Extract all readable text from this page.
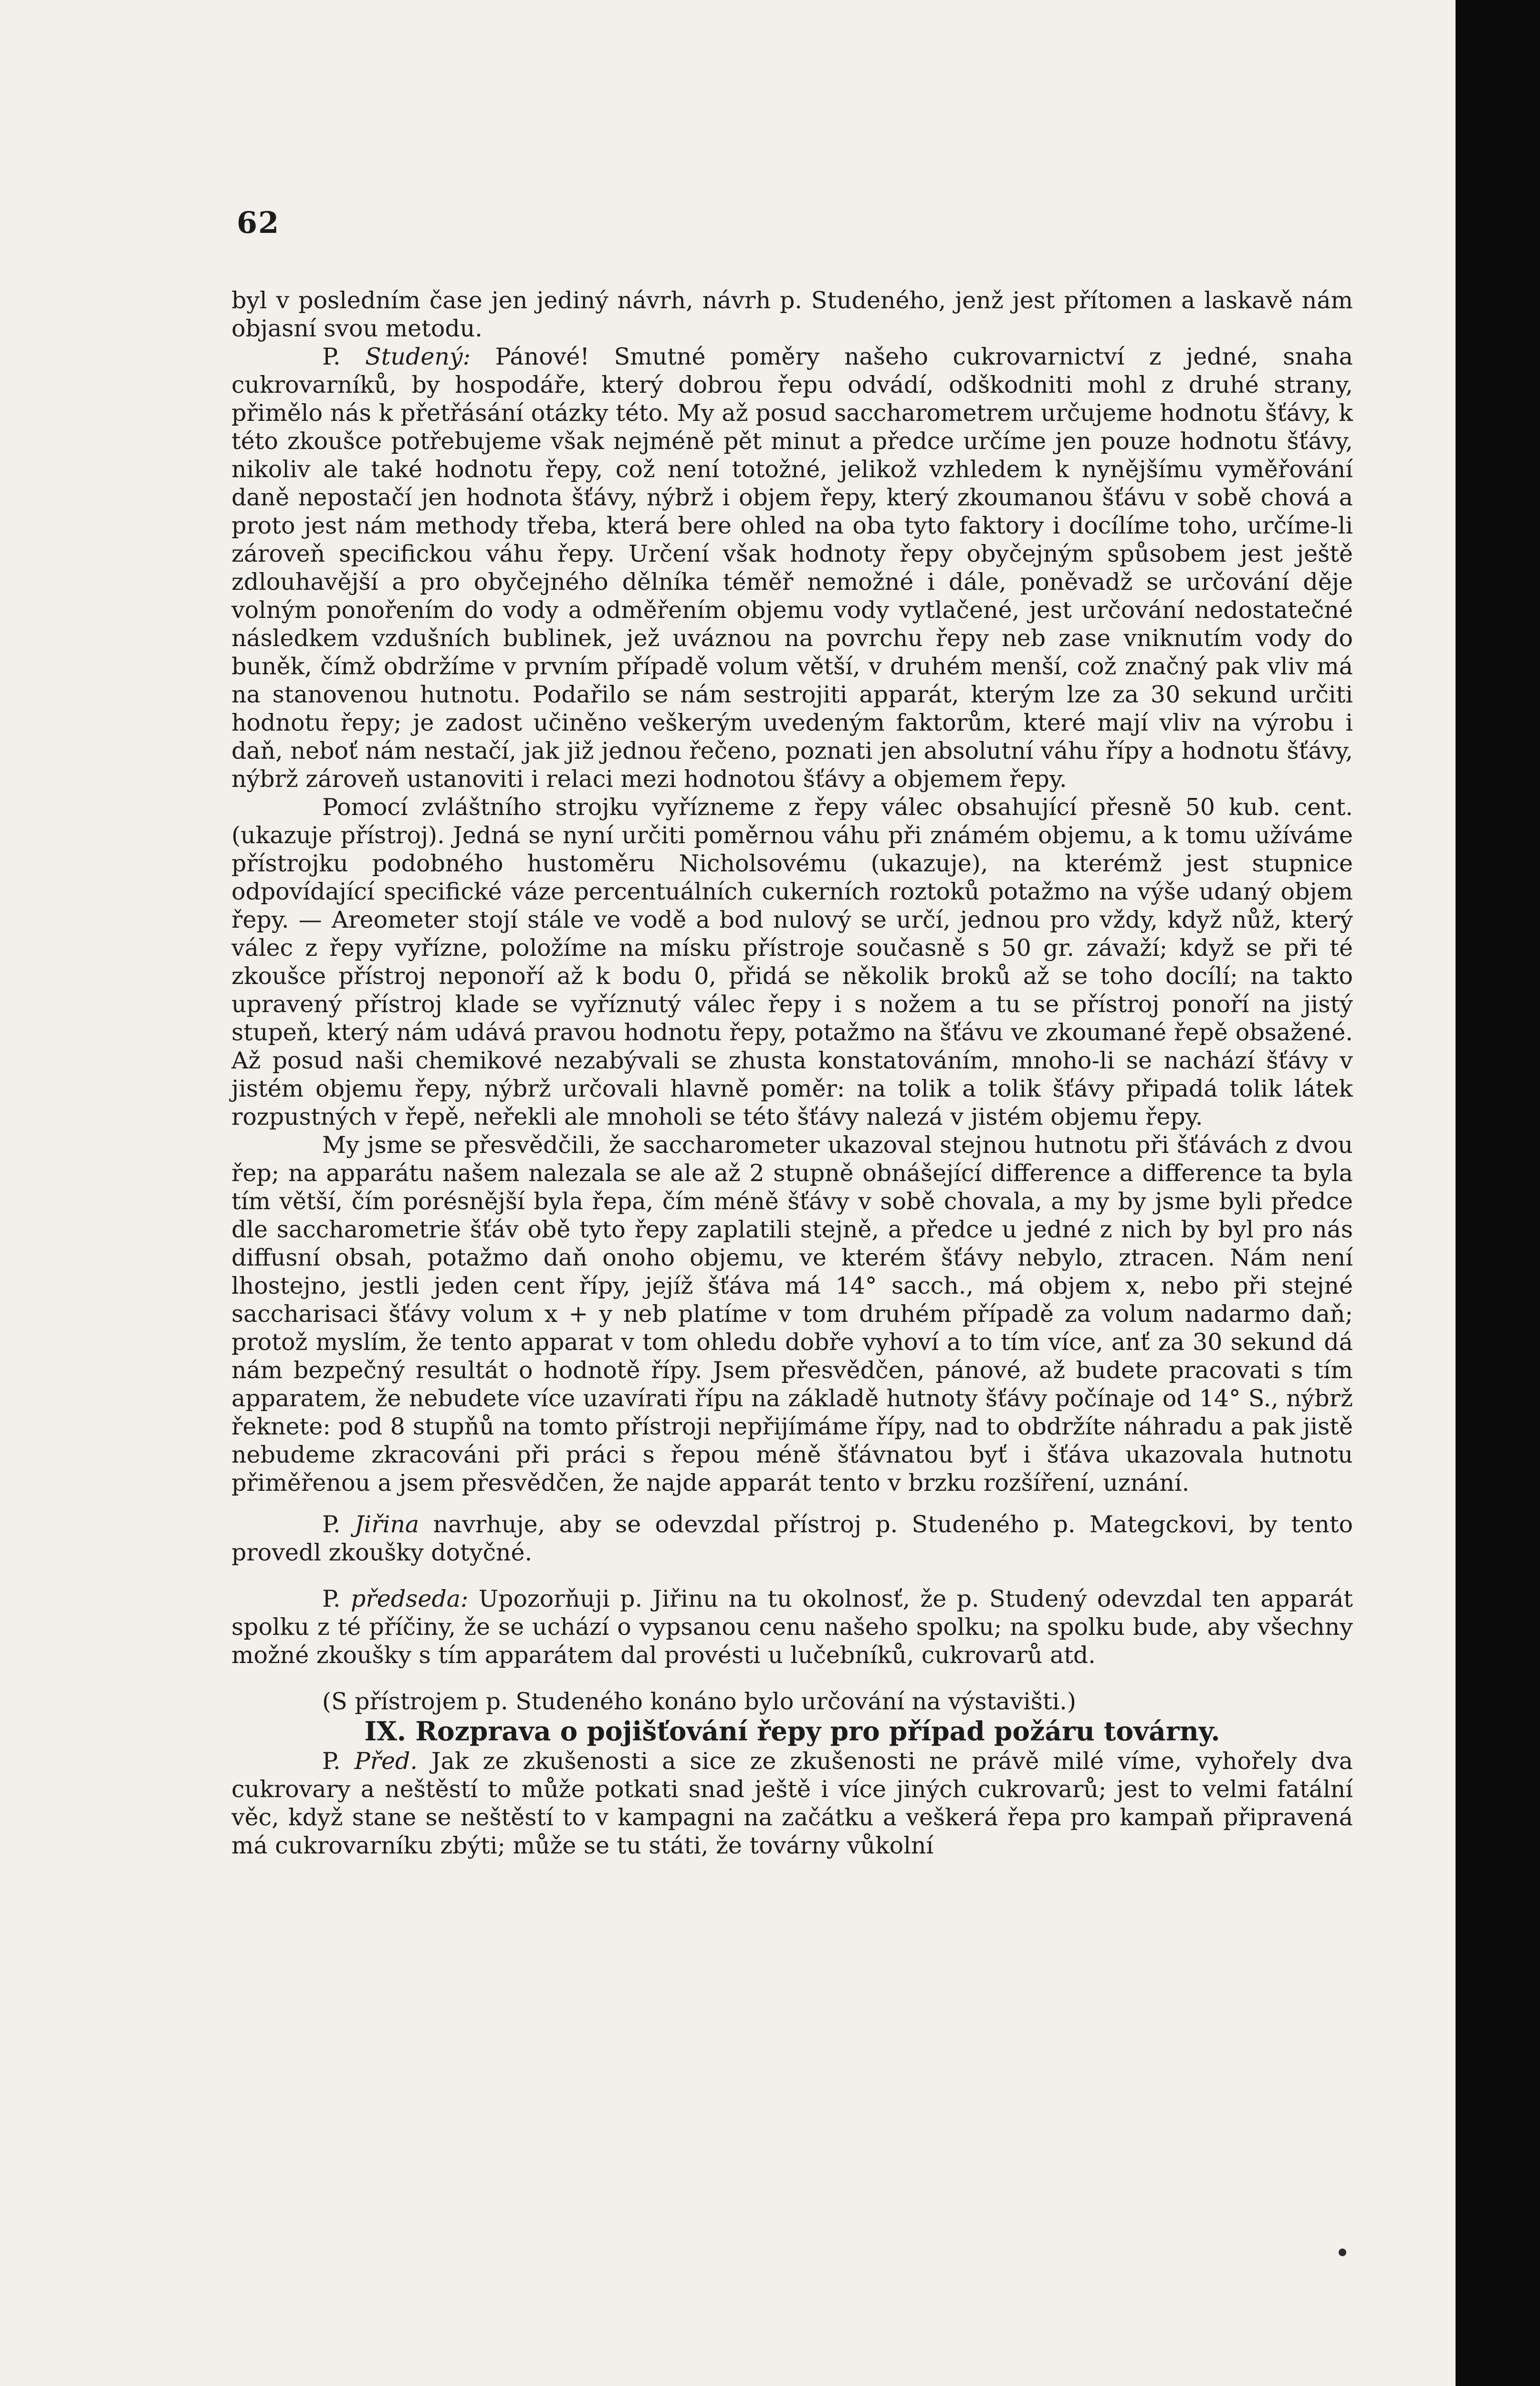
62

byl v posledním čase jen jediný návrh, návrh p. Studeného, jenž jest přítomen a laskavě nám objasní svou metodu.

P. Studený: Pánové! Smutné poměry našeho cukrovarnictví z jedné, snaha cukrovarníků, by hospodáře, který dobrou řepu odvádí, odškodniti mohl z druhé strany, přimělo nás k přetřásání otázky této. My až posud saccharometrem určujeme hodnotu šťávy, k této zkoušce potřebujeme však nejméně pět minut a předce určíme jen pouze hodnotu šťávy, nikoliv ale také hodnotu řepy, což není totožné, jelikož vzhledem k nynějšímu vyměřování daně nepostačí jen hodnota šťávy, nýbrž i objem řepy, který zkoumanou šťávu v sobě chová a proto jest nám methody třeba, která bere ohled na oba tyto faktory i docílíme toho, určíme-li zároveň specifickou váhu řepy. Určení však hodnoty řepy obyčejným spůsobem jest ještě zdlouhavější a pro obyčejného dělníka téměř nemožné i dále, poněvadž se určování děje volným ponořením do vody a odměřením objemu vody vytlačené, jest určování nedostatečné následkem vzdušních bublinek, jež uváznou na povrchu řepy neb zase vniknutím vody do buněk, čímž obdržíme v prvním případě volum větší, v druhém menší, což značný pak vliv má na stanovenou hutnotu. Podařilo se nám sestrojiti apparát, kterým lze za 30 sekund určiti hodnotu řepy; je zadost učiněno veškerým uvedeným faktorům, které mají vliv na výrobu i daň, neboť nám nestačí, jak již jednou řečeno, poznati jen absolutní váhu řípy a hodnotu šťávy, nýbrž zároveň ustanoviti i relaci mezi hodnotou šťávy a objemem řepy.

Pomocí zvláštního strojku vyřízneme z řepy válec obsahující přesně 50 kub. cent. (ukazuje přístroj). Jedná se nyní určiti poměrnou váhu při známém objemu, a k tomu užíváme přístrojku podobného hustoměru Nicholsovému (ukazuje), na kterémž jest stupnice odpovídající specifické váze percentuálních cukerních roztoků potažmo na výše udaný objem řepy. — Areometer stojí stále ve vodě a bod nulový se určí, jednou pro vždy, když nůž, který válec z řepy vyřízne, položíme na mísku přístroje současně s 50 gr. závaží; když se při té zkoušce přístroj neponoří až k bodu 0, přidá se několik broků až se toho docílí; na takto upravený přístroj klade se vyříznutý válec řepy i s nožem a tu se přístroj ponoří na jistý stupeň, který nám udává pravou hodnotu řepy, potažmo na šťávu ve zkoumané řepě obsažené. Až posud naši chemikové nezabývali se zhusta konstatováním, mnoho-li se nachází šťávy v jistém objemu řepy, nýbrž určovali hlavně poměr: na tolik a tolik šťávy připadá tolik látek rozpustných v řepě, neřekli ale mnoholi se této šťávy nalezá v jistém objemu řepy.

My jsme se přesvědčili, že saccharometer ukazoval stejnou hutnotu při šťávách z dvou řep; na apparátu našem nalezala se ale až 2 stupně obnášející difference a difference ta byla tím větší, čím porésnější byla řepa, čím méně šťávy v sobě chovala, a my by jsme byli předce dle saccharometrie šťáv obě tyto řepy zaplatili stejně, a předce u jedné z nich by byl pro nás diffusní obsah, potažmo daň onoho objemu, ve kterém šťávy nebylo, ztracen. Nám není lhostejno, jestli jeden cent řípy, jejíž šťáva má 14° sacch., má objem x, nebo při stejné saccharisaci šťávy volum x + y neb platíme v tom druhém případě za volum nadarmo daň; protož myslím, že tento apparat v tom ohledu dobře vyhoví a to tím více, anť za 30 sekund dá nám bezpečný resultát o hodnotě řípy. Jsem přesvědčen, pánové, až budete pracovati s tím apparatem, že nebudete více uzavírati řípu na základě hutnoty šťávy počínaje od 14° S., nýbrž řeknete: pod 8 stupňů na tomto přístroji nepřijímáme řípy, nad to obdržíte náhradu a pak jistě nebudeme zkracováni při práci s řepou méně šťávnatou byť i šťáva ukazovala hutnotu přiměřenou a jsem přesvědčen, že najde apparát tento v brzku rozšíření, uznání.

P. Jiřina navrhuje, aby se odevzdal přístroj p. Studeného p. Mategckovi, by tento provedl zkoušky dotyčné.

P. předseda: Upozorňuji p. Jiřinu na tu okolnosť, že p. Studený odevzdal ten apparát spolku z té příčiny, že se uchází o vypsanou cenu našeho spolku; na spolku bude, aby všechny možné zkoušky s tím apparátem dal provésti u lučebníků, cukrovarů atd.

(S přístrojem p. Studeného konáno bylo určování na výstavišti.)

IX. Rozprava o pojišťování řepy pro případ požáru továrny.

P. Před. Jak ze zkušenosti a sice ze zkušenosti ne právě milé víme, vyhořely dva cukrovary a neštěstí to může potkati snad ještě i více jiných cukrovarů; jest to velmi fatální věc, když stane se neštěstí to v kampagni na začátku a veškerá řepa pro kampaň připravená má cukrovarníku zbýti; může se tu státi, že továrny vůkolní
